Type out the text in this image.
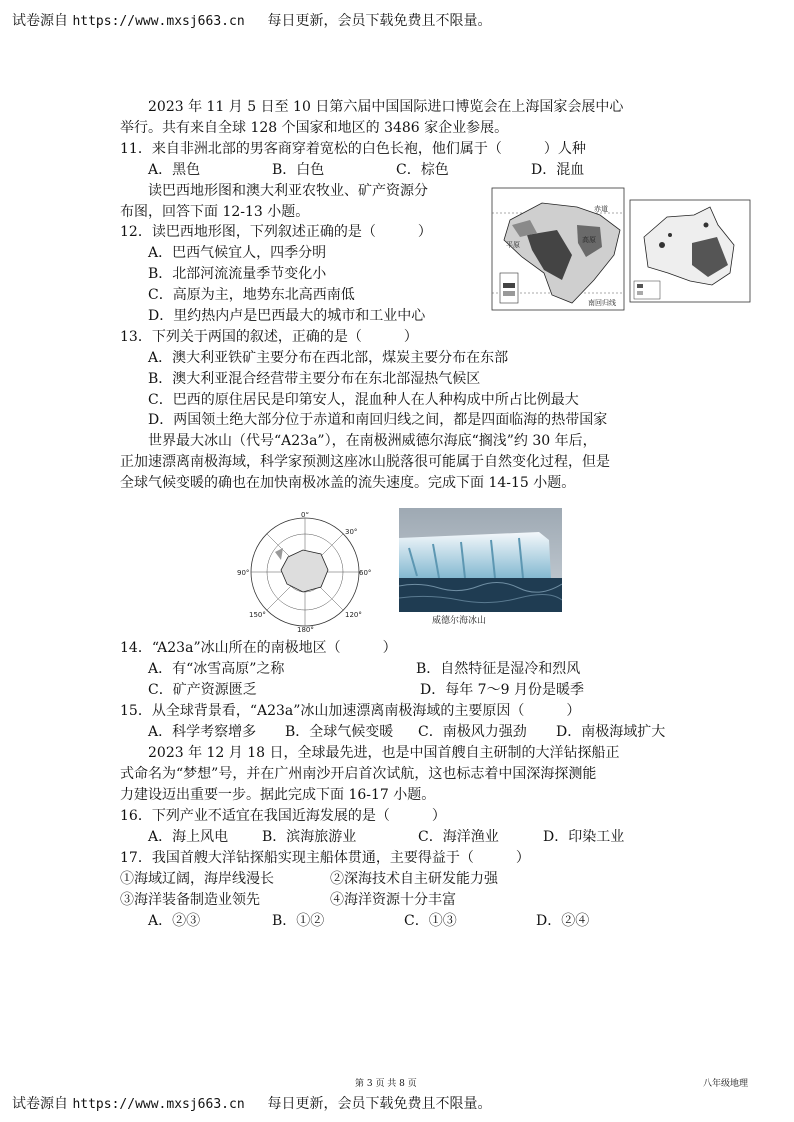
试卷源自 https://www.mxsj663.cn 每日更新，会员下载免费且不限量。
2023 年 11 月 5 日至 10 日第六届中国国际进口博览会在上海国家会展中心
举行。共有来自全球 128 个国家和地区的 3486 家企业参展。
11．来自非洲北部的男客商穿着宽松的白色长袍，他们属于（　　　）人种
A．黑色	B．白色	C．棕色	D．混血
读巴西地形图和澳大利亚农牧业、矿产资源分
布图，回答下面 12-13 小题。
12．读巴西地形图，下列叙述正确的是（　　　）
A．巴西气候宜人，四季分明
B．北部河流流量季节变化小
C．高原为主，地势东北高西南低
D．里约热内卢是巴西最大的城市和工业中心
赤道
高原
平原
南回归线
13．下列关于两国的叙述，正确的是（　　　）
A．澳大利亚铁矿主要分布在西北部，煤炭主要分布在东部
B．澳大利亚混合经营带主要分布在东北部湿热气候区
C．巴西的原住居民是印第安人，混血种人在人种构成中所占比例最大
D．两国领土绝大部分位于赤道和南回归线之间，都是四面临海的热带国家
世界最大冰山（代号“A23a”），在南极洲威德尔海底“搁浅”约 30 年后，
正加速漂离南极海域，科学家预测这座冰山脱落很可能属于自然变化过程，但是
全球气候变暖的确也在加快南极冰盖的流失速度。完成下面 14-15 小题。
0°
30°
60°
90°
120°
150°
180°
威德尔海冰山
14．“A23a”冰山所在的南极地区（　　　）
A．有“冰雪高原”之称	B．自然特征是湿冷和烈风
C．矿产资源匮乏	D．每年 7～9 月份是暖季
15．从全球背景看，“A23a”冰山加速漂离南极海域的主要原因（　　　）
A．科学考察增多 B．全球气候变暖 C．南极风力强劲 D．南极海域扩大
2023 年 12 月 18 日，全球最先进，也是中国首艘自主研制的大洋钻探船正
式命名为“梦想”号，并在广州南沙开启首次试航，这也标志着中国深海探测能
力建设迈出重要一步。据此完成下面 16-17 小题。
16．下列产业不适宜在我国近海发展的是（　　　）
A．海上风电 B．滨海旅游业	C．海洋渔业	D．印染工业
17．我国首艘大洋钻探船实现主船体贯通，主要得益于（　　　）
①海域辽阔，海岸线漫长	②深海技术自主研发能力强
③海洋装备制造业领先	④海洋资源十分丰富
A．②③	B．①②	C．①③	D．②④
第 3 页 共 8 页	八年级地理
试卷源自 https://www.mxsj663.cn 每日更新，会员下载免费且不限量。
